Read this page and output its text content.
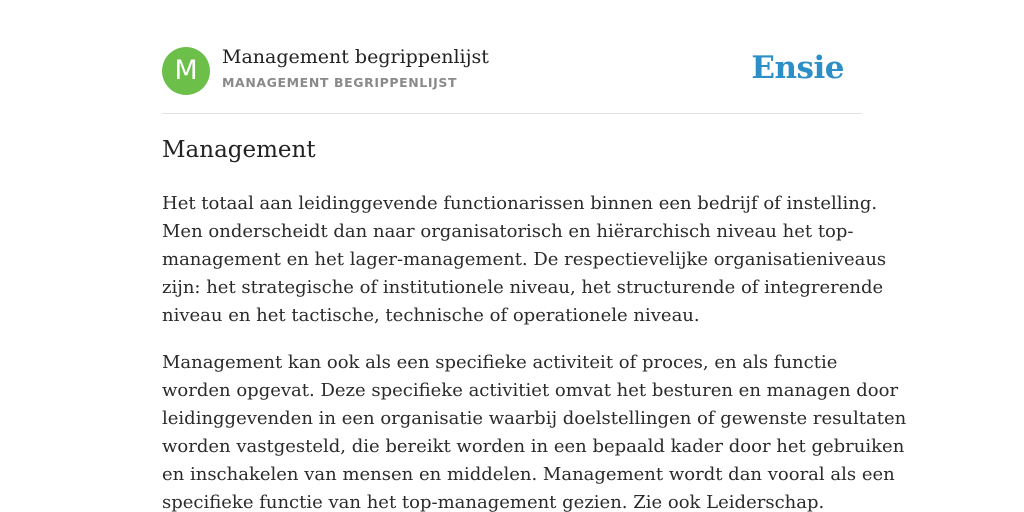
M	Management begrippenlijst
MANAGEMENT BEGRIPPENLIJST	Ensie
Management

Het totaal aan leidinggevende functionarissen binnen een bedrijf of instelling.
Men onderscheidt dan naar organisatorisch en hiërarchisch niveau het top-
management en het lager-management. De respectievelijke organisatieniveaus
zijn: het strategische of institutionele niveau, het structurende of integrerende
niveau en het tactische, technische of operationele niveau.

Management kan ook als een specifieke activiteit of proces, en als functie
worden opgevat. Deze specifieke activitiet omvat het besturen en managen door
leidinggevenden in een organisatie waarbij doelstellingen of gewenste resultaten
worden vastgesteld, die bereikt worden in een bepaald kader door het gebruiken
en inschakelen van mensen en middelen. Management wordt dan vooral als een
specifieke functie van het top-management gezien. Zie ook Leiderschap.
